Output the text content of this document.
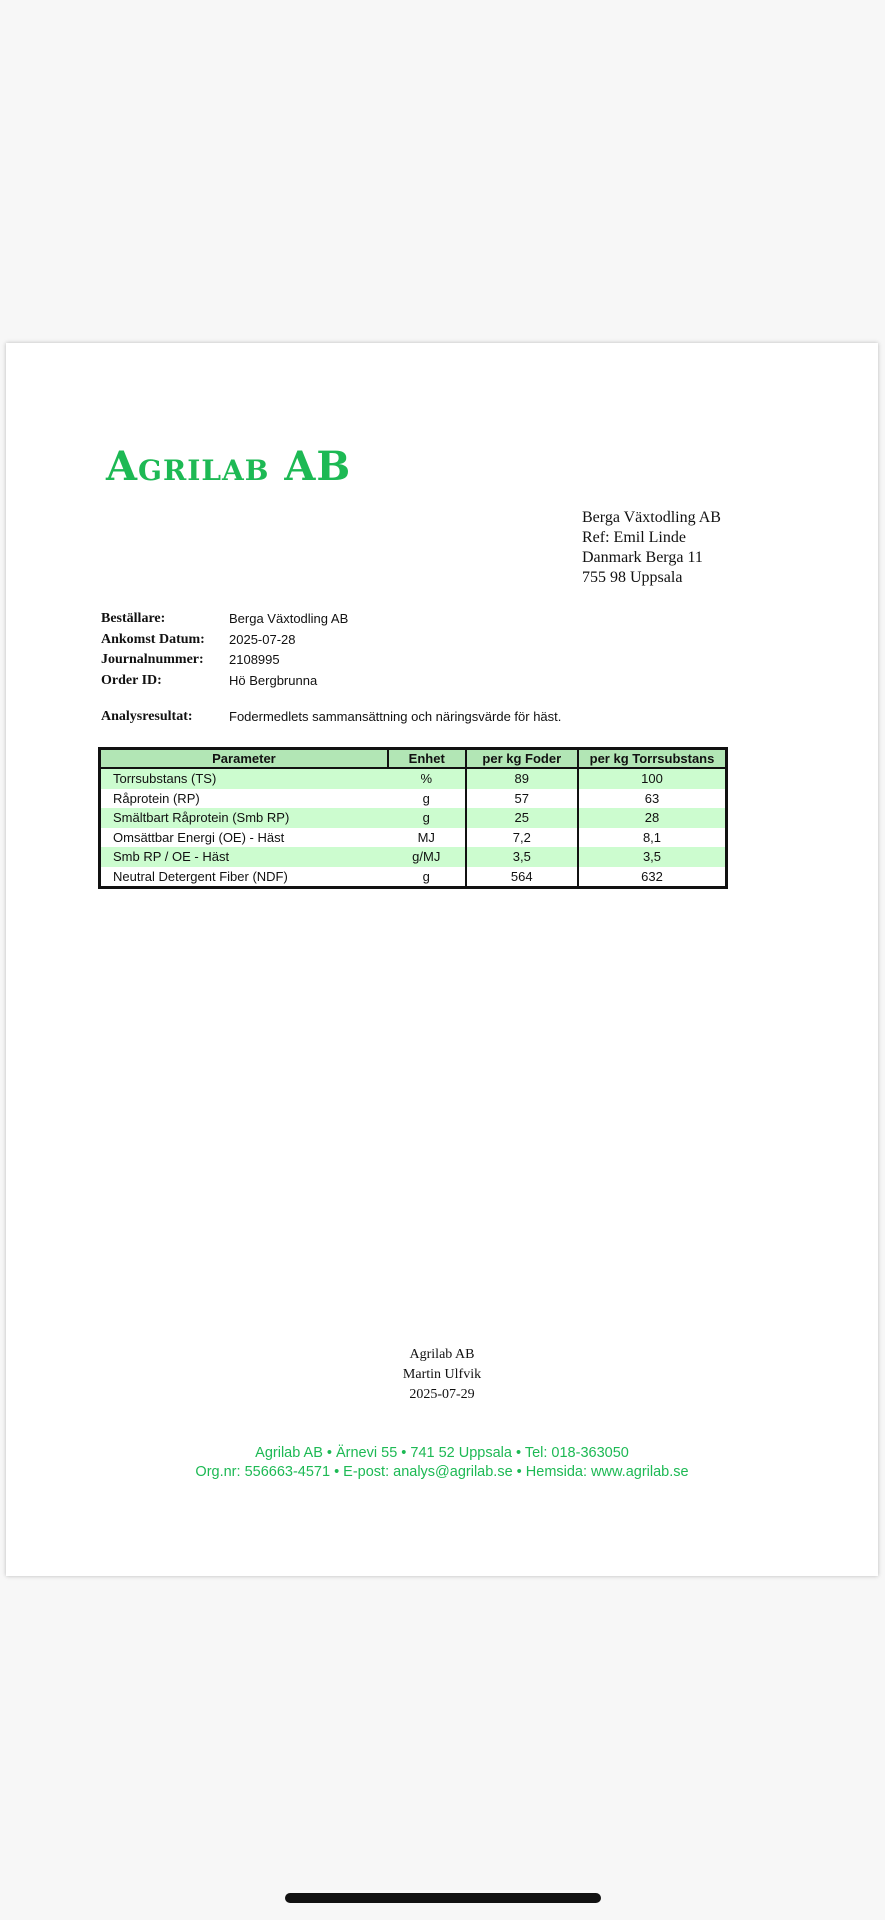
Agrilab AB
Berga Växtodling AB
Ref: Emil Linde
Danmark Berga 11
755 98 Uppsala
Beställare:	Berga Växtodling AB
Ankomst Datum:	2025-07-28
Journalnummer:	2108995
Order ID:	Hö Bergbrunna
Analysresultat:	Fodermedlets sammansättning och näringsvärde för häst.
Parameter	Enhet	per kg Foder	per kg Torrsubstans
Torrsubstans (TS)	%	89	100
Råprotein (RP)	g	57	63
Smältbart Råprotein (Smb RP)	g	25	28
Omsättbar Energi (OE) - Häst	MJ	7,2	8,1
Smb RP / OE - Häst	g/MJ	3,5	3,5
Neutral Detergent Fiber (NDF)	g	564	632
Agrilab AB
Martin Ulfvik
2025-07-29
Agrilab AB • Ärnevi 55 • 741 52 Uppsala • Tel: 018-363050
Org.nr: 556663-4571 • E-post: analys@agrilab.se • Hemsida: www.agrilab.se
